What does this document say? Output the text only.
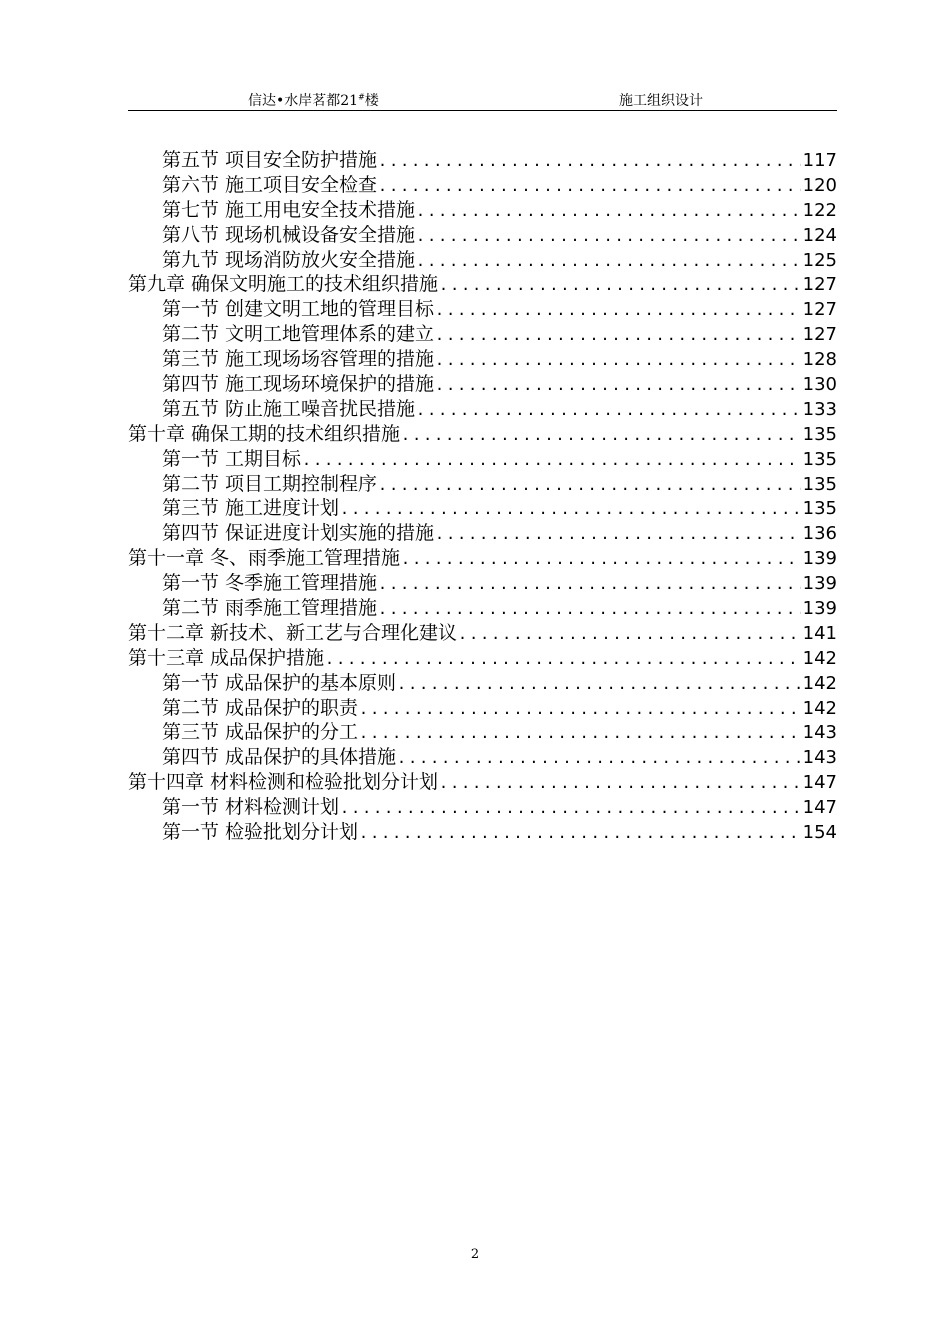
信达•水岸茗都21#楼	施工组织设计
第五节 项目安全防护措施 .....	117
第六节 施工项目安全检查 .....	120
第七节 施工用电安全技术措施 .....	122
第八节 现场机械设备安全措施 .....	124
第九节 现场消防放火安全措施 .....	125
第九章 确保文明施工的技术组织措施 .....	127
第一节 创建文明工地的管理目标 .....	127
第二节 文明工地管理体系的建立 .....	127
第三节 施工现场场容管理的措施 .....	128
第四节 施工现场环境保护的措施 .....	130
第五节 防止施工噪音扰民措施 .....	133
第十章 确保工期的技术组织措施 .....	135
第一节 工期目标 .....	135
第二节 项目工期控制程序 .....	135
第三节 施工进度计划 .....	135
第四节 保证进度计划实施的措施 .....	136
第十一章 冬、雨季施工管理措施 .....	139
第一节 冬季施工管理措施 .....	139
第二节 雨季施工管理措施 .....	139
第十二章 新技术、新工艺与合理化建议 .....	141
第十三章 成品保护措施 .....	142
第一节 成品保护的基本原则 .....	142
第二节 成品保护的职责 .....	142
第三节 成品保护的分工 .....	143
第四节 成品保护的具体措施 .....	143
第十四章 材料检测和检验批划分计划 .....	147
第一节 材料检测计划 .....	147
第一节 检验批划分计划 .....	154
2
